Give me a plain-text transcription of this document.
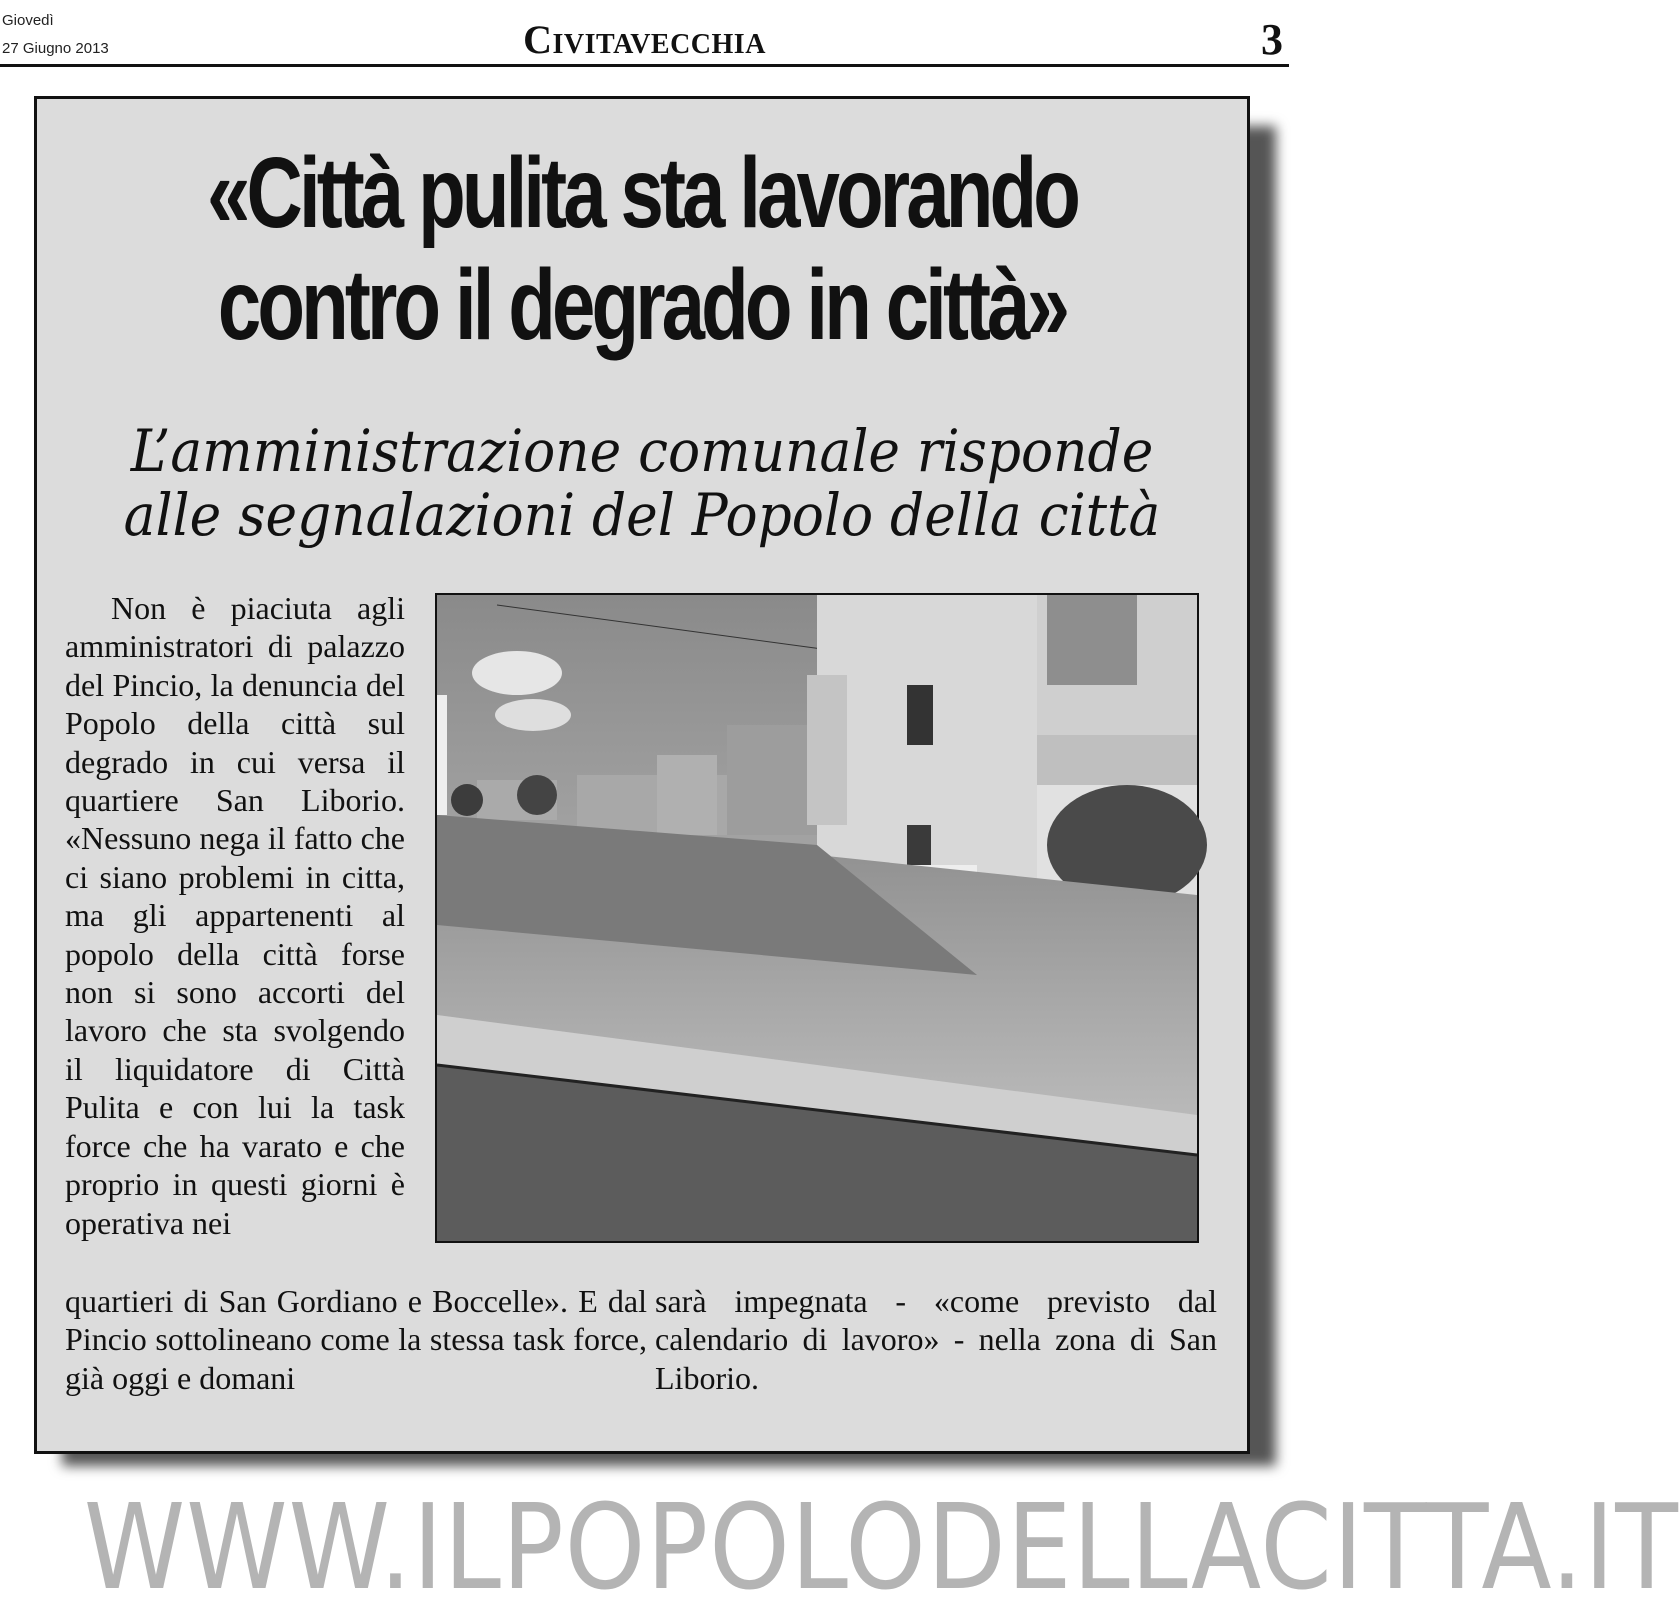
Giovedì
27 Giugno 2013	Civitavecchia	3
«Città pulita sta lavorando
contro il degrado in città»
L’amministrazione comunale risponde
alle segnalazioni del Popolo della città
Non è piaciuta agli amministratori di palazzo del Pincio, la denuncia del Popolo della città sul degrado in cui versa il quartiere San Liborio. «Nessuno nega il fatto che ci siano problemi in citta, ma gli appartenenti al popolo della città forse non si sono accorti del lavoro che sta svolgendo il liquidatore di Città Pulita e con lui la task force che ha varato e che proprio in questi giorni è operativa nei
quartieri di San Gordiano e Boccelle». E dal Pincio sottolineano come la stessa task force, già oggi e domani
sarà impegnata - «come previsto dal calendario di lavoro» - nella zona di San Liborio.
WWW.ILPOPOLODELLACITTA.IT
